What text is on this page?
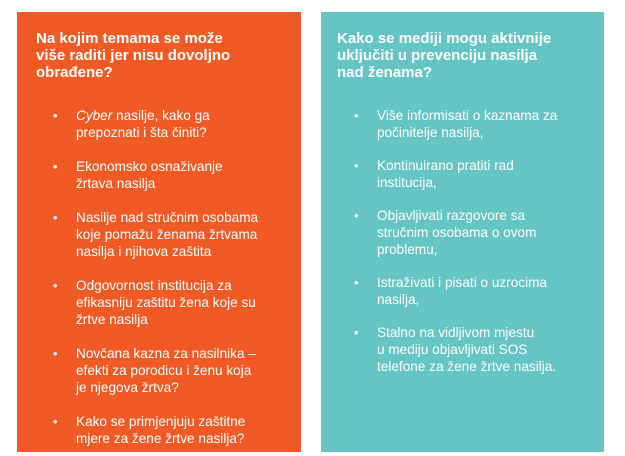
Na kojim temama se može
više raditi jer nisu dovoljno
obrađene?
• Cyber nasilje, kako ga
prepoznati i šta činiti?
• Ekonomsko osnaživanje
žrtava nasilja
• Nasilje nad stručnim osobama
koje pomažu ženama žrtvama
nasilja i njihova zaštita
• Odgovornost institucija za
efikasniju zaštitu žena koje su
žrtve nasilja
• Novčana kazna za nasilnika –
efekti za porodicu i ženu koja
je njegova žrtva?
• Kako se primjenjuju zaštitne
mjere za žene žrtve nasilja?
Kako se mediji mogu aktivnije
uključiti u prevenciju nasilja
nad ženama?
• Više informisati o kaznama za
počinitelje nasilja,
• Kontinuirano pratiti rad
institucija,
• Objavljivati razgovore sa
stručnim osobama o ovom
problemu,
• Istraživati i pisati o uzrocima
nasilja,
• Stalno na vidljivom mjestu
u mediju objavljivati SOS
telefone za žene žrtve nasilja.
